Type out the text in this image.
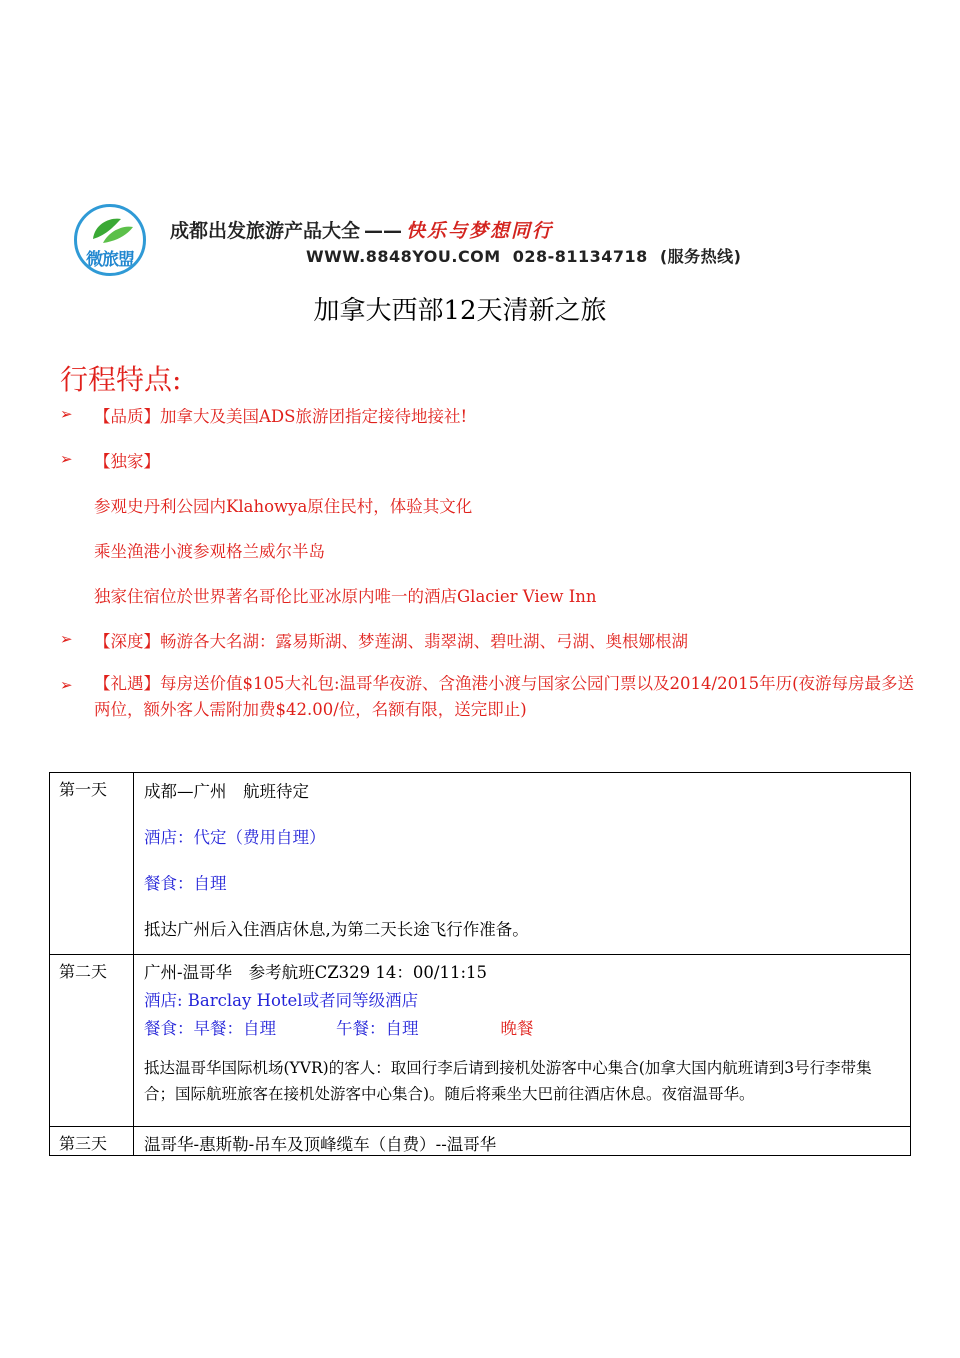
微旅盟
成都出发旅游产品大全 —— 快乐与梦想同行
WWW.8848YOU.COM 028-81134718 (服务热线)
加拿大西部12天清新之旅
行程特点:
➢ 【品质】加拿大及美国ADS旅游团指定接待地接社!
➢ 【独家】
参观史丹利公园内Klahowya原住民村，体验其文化
乘坐渔港小渡参观格兰威尔半岛
独家住宿位於世界著名哥伦比亚冰原内唯一的酒店Glacier View Inn
➢ 【深度】畅游各大名湖：露易斯湖、梦莲湖、翡翠湖、碧吐湖、弓湖、奥根娜根湖
➢ 【礼遇】每房送价值$105大礼包:温哥华夜游、含渔港小渡与国家公园门票以及2014/2015年历(夜游每房最多送两位，额外客人需附加费$42.00/位，名额有限，送完即止)
第一天	成都—广州　航班待定
酒店：代定（费用自理）
餐食：自理
抵达广州后入住酒店休息,为第二天长途飞行作准备。

第二天	广州-温哥华　参考航班CZ329 14：00/11:15
酒店: Barclay Hotel或者同等级酒店
餐食：早餐：自理 午餐：自理 晚餐
抵达温哥华国际机场(YVR)的客人：取回行李后请到接机处游客中心集合(加拿大国内航班请到3号行李带集合；国际航班旅客在接机处游客中心集合)。随后将乘坐大巴前往酒店休息。夜宿温哥华。

第三天	温哥华-惠斯勒-吊车及顶峰缆车（自费）--温哥华
